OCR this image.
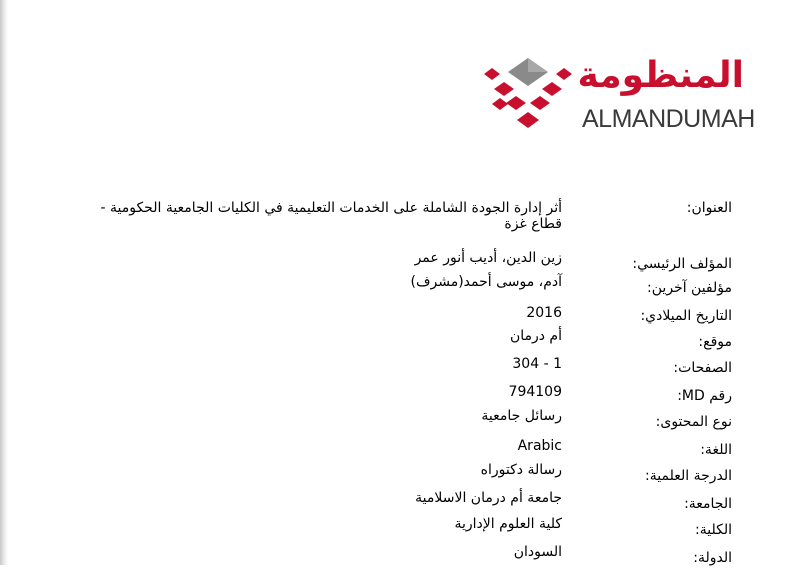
المنظومة
ALMANDUMAH
العنوان:
أثر إدارة الجودة الشاملة على الخدمات التعليمية في الكليات الجامعية الحكومية - قطاع غزة
المؤلف الرئيسي:
زين الدين، أديب أنور عمر
مؤلفين آخرين:
آدم، موسى أحمد(مشرف)
التاريخ الميلادي:
2016
موقع:
أم درمان
الصفحات:
1 - 304
رقم MD:
794109
نوع المحتوى:
رسائل جامعية
اللغة:
Arabic
الدرجة العلمية:
رسالة دكتوراه
الجامعة:
جامعة أم درمان الاسلامية
الكلية:
كلية العلوم الإدارية
الدولة:
السودان
